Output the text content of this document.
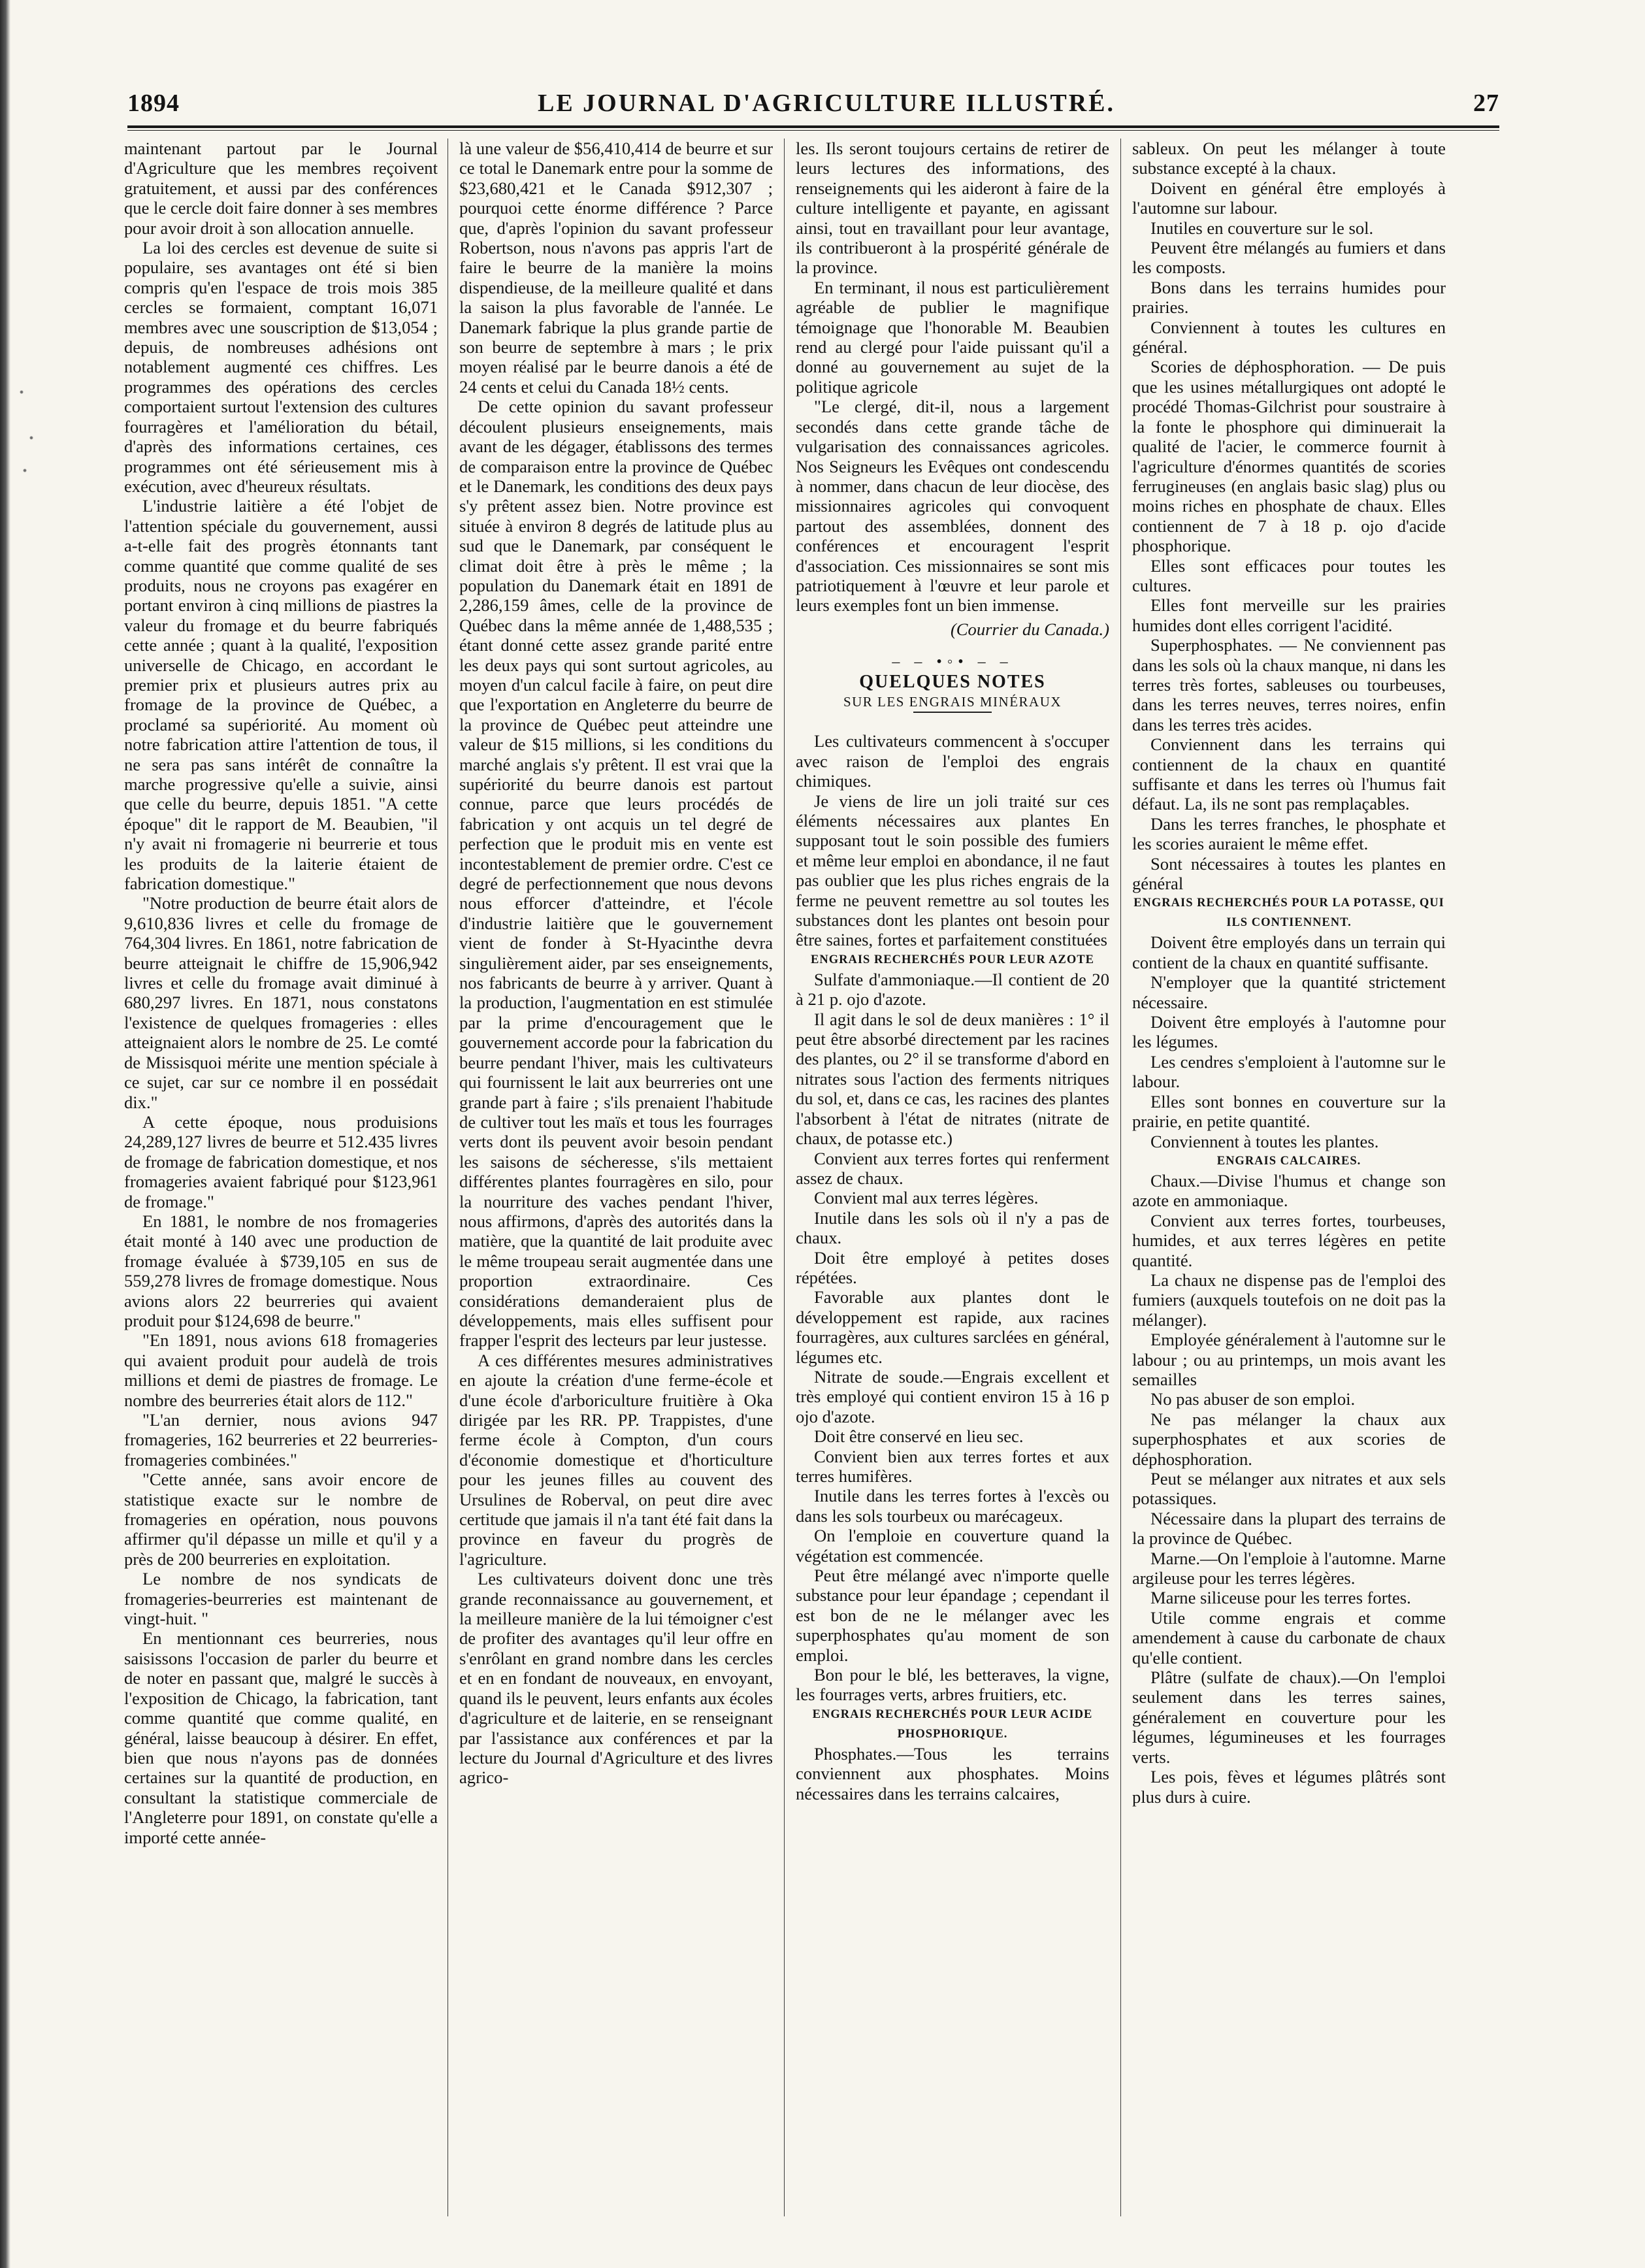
1894	LE JOURNAL D'AGRICULTURE ILLUSTRÉ.	27

maintenant partout par le Journal d'Agriculture que les membres reçoivent gratuitement, et aussi par des conférences que le cercle doit faire donner à ses membres pour avoir droit à son allocation annuelle.

La loi des cercles est devenue de suite si populaire, ses avantages ont été si bien compris qu'en l'espace de trois mois 385 cercles se formaient, comptant 16,071 membres avec une souscription de $13,054 ; depuis, de nombreuses adhésions ont notablement augmenté ces chiffres. Les programmes des opérations des cercles comportaient surtout l'extension des cultures fourragères et l'amélioration du bétail, d'après des informations certaines, ces programmes ont été sérieusement mis à exécution, avec d'heureux résultats.

L'industrie laitière a été l'objet de l'attention spéciale du gouvernement, aussi a-t-elle fait des progrès étonnants tant comme quantité que comme qualité de ses produits, nous ne croyons pas exagérer en portant environ à cinq millions de piastres la valeur du fromage et du beurre fabriqués cette année ; quant à la qualité, l'exposition universelle de Chicago, en accordant le premier prix et plusieurs autres prix au fromage de la province de Québec, a proclamé sa supériorité. Au moment où notre fabrication attire l'attention de tous, il ne sera pas sans intérêt de connaître la marche progressive qu'elle a suivie, ainsi que celle du beurre, depuis 1851. "A cette époque" dit le rapport de M. Beaubien, "il n'y avait ni fromagerie ni beurrerie et tous les produits de la laiterie étaient de fabrication domestique."

"Notre production de beurre était alors de 9,610,836 livres et celle du fromage de 764,304 livres. En 1861, notre fabrication de beurre atteignait le chiffre de 15,906,942 livres et celle du fromage avait diminué à 680,297 livres. En 1871, nous constatons l'existence de quelques fromageries : elles atteignaient alors le nombre de 25. Le comté de Missisquoi mérite une mention spéciale à ce sujet, car sur ce nombre il en possédait dix."

A cette époque, nous produisions 24,289,127 livres de beurre et 512.435 livres de fromage de fabrication domestique, et nos fromageries avaient fabriqué pour $123,961 de fromage."

En 1881, le nombre de nos fromageries était monté à 140 avec une production de fromage évaluée à $739,105 en sus de 559,278 livres de fromage domestique. Nous avions alors 22 beurreries qui avaient produit pour $124,698 de beurre."

"En 1891, nous avions 618 fromageries qui avaient produit pour audelà de trois millions et demi de piastres de fromage. Le nombre des beurreries était alors de 112."

"L'an dernier, nous avions 947 fromageries, 162 beurreries et 22 beurreries-fromageries combinées."

"Cette année, sans avoir encore de statistique exacte sur le nombre de fromageries en opération, nous pouvons affirmer qu'il dépasse un mille et qu'il y a près de 200 beurreries en exploitation.

Le nombre de nos syndicats de fromageries-beurreries est maintenant de vingt-huit. "

En mentionnant ces beurreries, nous saisissons l'occasion de parler du beurre et de noter en passant que, malgré le succès à l'exposition de Chicago, la fabrication, tant comme quantité que comme qualité, en général, laisse beaucoup à désirer. En effet, bien que nous n'ayons pas de données certaines sur la quantité de production, en consultant la statistique commerciale de l'Angleterre pour 1891, on constate qu'elle a importé cette année-

là une valeur de $56,410,414 de beurre et sur ce total le Danemark entre pour la somme de $23,680,421 et le Canada $912,307 ; pourquoi cette énorme différence ? Parce que, d'après l'opinion du savant professeur Robertson, nous n'avons pas appris l'art de faire le beurre de la manière la moins dispendieuse, de la meilleure qualité et dans la saison la plus favorable de l'année. Le Danemark fabrique la plus grande partie de son beurre de septembre à mars ; le prix moyen réalisé par le beurre danois a été de 24 cents et celui du Canada 18½ cents.

De cette opinion du savant professeur découlent plusieurs enseignements, mais avant de les dégager, établissons des termes de comparaison entre la province de Québec et le Danemark, les conditions des deux pays s'y prêtent assez bien. Notre province est située à environ 8 degrés de latitude plus au sud que le Danemark, par conséquent le climat doit être à près le même ; la population du Danemark était en 1891 de 2,286,159 âmes, celle de la province de Québec dans la même année de 1,488,535 ; étant donné cette assez grande parité entre les deux pays qui sont surtout agricoles, au moyen d'un calcul facile à faire, on peut dire que l'exportation en Angleterre du beurre de la province de Québec peut atteindre une valeur de $15 millions, si les conditions du marché anglais s'y prêtent. Il est vrai que la supériorité du beurre danois est partout connue, parce que leurs procédés de fabrication y ont acquis un tel degré de perfection que le produit mis en vente est incontestablement de premier ordre. C'est ce degré de perfectionnement que nous devons nous efforcer d'atteindre, et l'école d'industrie laitière que le gouvernement vient de fonder à St-Hyacinthe devra singulièrement aider, par ses enseignements, nos fabricants de beurre à y arriver. Quant à la production, l'augmentation en est stimulée par la prime d'encouragement que le gouvernement accorde pour la fabrication du beurre pendant l'hiver, mais les cultivateurs qui fournissent le lait aux beurreries ont une grande part à faire ; s'ils prenaient l'habitude de cultiver tout les maïs et tous les fourrages verts dont ils peuvent avoir besoin pendant les saisons de sécheresse, s'ils mettaient différentes plantes fourragères en silo, pour la nourriture des vaches pendant l'hiver, nous affirmons, d'après des autorités dans la matière, que la quantité de lait produite avec le même troupeau serait augmentée dans une proportion extraordinaire. Ces considérations demanderaient plus de développements, mais elles suffisent pour frapper l'esprit des lecteurs par leur justesse.

A ces différentes mesures administratives en ajoute la création d'une ferme-école et d'une école d'arboriculture fruitière à Oka dirigée par les RR. PP. Trappistes, d'une ferme école à Compton, d'un cours d'économie domestique et d'horticulture pour les jeunes filles au couvent des Ursulines de Roberval, on peut dire avec certitude que jamais il n'a tant été fait dans la province en faveur du progrès de l'agriculture.

Les cultivateurs doivent donc une très grande reconnaissance au gouvernement, et la meilleure manière de la lui témoigner c'est de profiter des avantages qu'il leur offre en s'enrôlant en grand nombre dans les cercles et en en fondant de nouveaux, en envoyant, quand ils le peuvent, leurs enfants aux écoles d'agriculture et de laiterie, en se renseignant par l'assistance aux conférences et par la lecture du Journal d'Agriculture et des livres agrico-

les. Ils seront toujours certains de retirer de leurs lectures des informations, des renseignements qui les aideront à faire de la culture intelligente et payante, en agissant ainsi, tout en travaillant pour leur avantage, ils contribueront à la prospérité générale de la province.

En terminant, il nous est particulièrement agréable de publier le magnifique témoignage que l'honorable M. Beaubien rend au clergé pour l'aide puissant qu'il a donné au gouvernement au sujet de la politique agricole

"Le clergé, dit-il, nous a largement secondés dans cette grande tâche de vulgarisation des connaissances agricoles. Nos Seigneurs les Evêques ont condescendu à nommer, dans chacun de leur diocèse, des missionnaires agricoles qui convoquent partout des assemblées, donnent des conférences et encouragent l'esprit d'association. Ces missionnaires se sont mis patriotiquement à l'œuvre et leur parole et leurs exemples font un bien immense.

(Courrier du Canada.)

– – •◦• – –

QUELQUES NOTES

SUR LES ENGRAIS MINÉRAUX

Les cultivateurs commencent à s'occuper avec raison de l'emploi des engrais chimiques.

Je viens de lire un joli traité sur ces éléments nécessaires aux plantes En supposant tout le soin possible des fumiers et même leur emploi en abondance, il ne faut pas oublier que les plus riches engrais de la ferme ne peuvent remettre au sol toutes les substances dont les plantes ont besoin pour être saines, fortes et parfaitement constituées

ENGRAIS RECHERCHÉS POUR LEUR AZOTE

Sulfate d'ammoniaque.—Il contient de 20 à 21 p. ojo d'azote.

Il agit dans le sol de deux manières : 1° il peut être absorbé directement par les racines des plantes, ou 2° il se transforme d'abord en nitrates sous l'action des ferments nitriques du sol, et, dans ce cas, les racines des plantes l'absorbent à l'état de nitrates (nitrate de chaux, de potasse etc.)

Convient aux terres fortes qui renferment assez de chaux.

Convient mal aux terres légères.

Inutile dans les sols où il n'y a pas de chaux.

Doit être employé à petites doses répétées.

Favorable aux plantes dont le développement est rapide, aux racines fourragères, aux cultures sarclées en général, légumes etc.

Nitrate de soude.—Engrais excellent et très employé qui contient environ 15 à 16 p ojo d'azote.

Doit être conservé en lieu sec.

Convient bien aux terres fortes et aux terres humifères.

Inutile dans les terres fortes à l'excès ou dans les sols tourbeux ou marécageux.

On l'emploie en couverture quand la végétation est commencée.

Peut être mélangé avec n'importe quelle substance pour leur épandage ; cependant il est bon de ne le mélanger avec les superphosphates qu'au moment de son emploi.

Bon pour le blé, les betteraves, la vigne, les fourrages verts, arbres fruitiers, etc.

ENGRAIS RECHERCHÉS POUR LEUR ACIDE PHOSPHORIQUE.

Phosphates.—Tous les terrains conviennent aux phosphates. Moins nécessaires dans les terrains calcaires,

sableux. On peut les mélanger à toute substance excepté à la chaux.

Doivent en général être employés à l'automne sur labour.

Inutiles en couverture sur le sol.

Peuvent être mélangés au fumiers et dans les composts.

Bons dans les terrains humides pour prairies.

Conviennent à toutes les cultures en général.

Scories de déphosphoration. — De puis que les usines métallurgiques ont adopté le procédé Thomas-Gilchrist pour soustraire à la fonte le phosphore qui diminuerait la qualité de l'acier, le commerce fournit à l'agriculture d'énormes quantités de scories ferrugineuses (en anglais basic slag) plus ou moins riches en phosphate de chaux. Elles contiennent de 7 à 18 p. ojo d'acide phosphorique.

Elles sont efficaces pour toutes les cultures.

Elles font merveille sur les prairies humides dont elles corrigent l'acidité.

Superphosphates. — Ne conviennent pas dans les sols où la chaux manque, ni dans les terres très fortes, sableuses ou tourbeuses, dans les terres neuves, terres noires, enfin dans les terres très acides.

Conviennent dans les terrains qui contiennent de la chaux en quantité suffisante et dans les terres où l'humus fait défaut. La, ils ne sont pas remplaçables.

Dans les terres franches, le phosphate et les scories auraient le même effet.

Sont nécessaires à toutes les plantes en général

ENGRAIS RECHERCHÉS POUR LA POTASSE, QUI ILS CONTIENNENT.

Doivent être employés dans un terrain qui contient de la chaux en quantité suffisante.

N'employer que la quantité strictement nécessaire.

Doivent être employés à l'automne pour les légumes.

Les cendres s'emploient à l'automne sur le labour.

Elles sont bonnes en couverture sur la prairie, en petite quantité.

Conviennent à toutes les plantes.

ENGRAIS CALCAIRES.

Chaux.—Divise l'humus et change son azote en ammoniaque.

Convient aux terres fortes, tourbeuses, humides, et aux terres légères en petite quantité.

La chaux ne dispense pas de l'emploi des fumiers (auxquels toutefois on ne doit pas la mélanger).

Employée généralement à l'automne sur le labour ; ou au printemps, un mois avant les semailles

No pas abuser de son emploi.

Ne pas mélanger la chaux aux superphosphates et aux scories de déphosphoration.

Peut se mélanger aux nitrates et aux sels potassiques.

Nécessaire dans la plupart des terrains de la province de Québec.

Marne.—On l'emploie à l'automne. Marne argileuse pour les terres légères.

Marne siliceuse pour les terres fortes.

Utile comme engrais et comme amendement à cause du carbonate de chaux qu'elle contient.

Plâtre (sulfate de chaux).—On l'emploi seulement dans les terres saines, généralement en couverture pour les légumes, légumineuses et les fourrages verts.

Les pois, fèves et légumes plâtrés sont plus durs à cuire.
